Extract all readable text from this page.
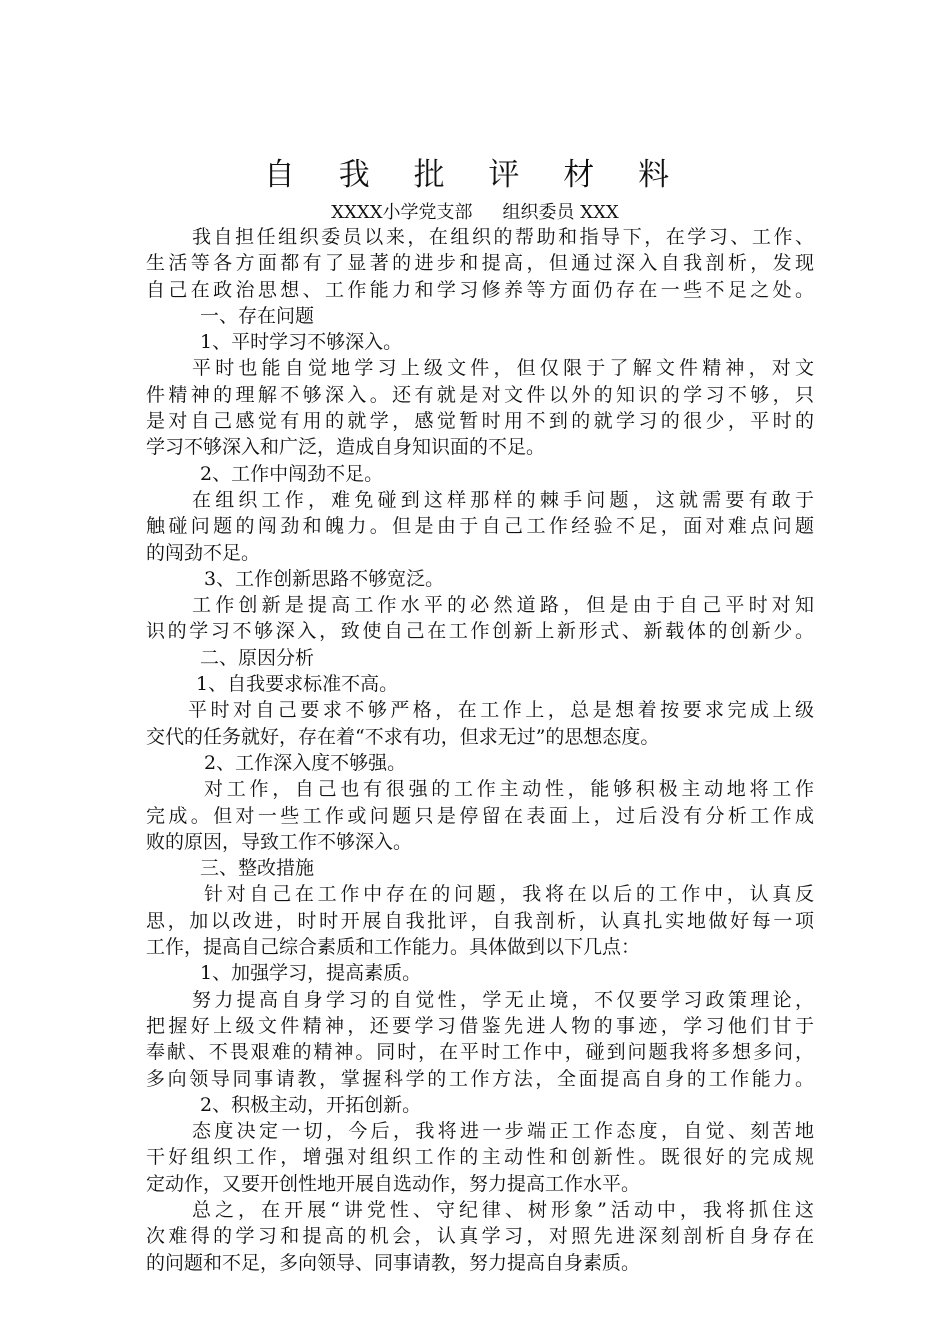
自 我 批 评 材 料
XXXX小学党支部 组织委员 XXX
我自担任组织委员以来，在组织的帮助和指导下，在学习、工作、
生活等各方面都有了显著的进步和提高，但通过深入自我剖析，发现
自己在政治思想、工作能力和学习修养等方面仍存在一些不足之处。
一、存在问题
1、平时学习不够深入。
平时也能自觉地学习上级文件，但仅限于了解文件精神，对文
件精神的理解不够深入。还有就是对文件以外的知识的学习不够，只
是对自己感觉有用的就学，感觉暂时用不到的就学习的很少，平时的
学习不够深入和广泛，造成自身知识面的不足。
2、工作中闯劲不足。
在组织工作，难免碰到这样那样的棘手问题，这就需要有敢于
触碰问题的闯劲和魄力。但是由于自己工作经验不足，面对难点问题
的闯劲不足。
3、工作创新思路不够宽泛。
工作创新是提高工作水平的必然道路，但是由于自己平时对知
识的学习不够深入，致使自己在工作创新上新形式、新载体的创新少。
二、原因分析
1、自我要求标准不高。
平时对自己要求不够严格，在工作上，总是想着按要求完成上级
交代的任务就好，存在着“不求有功，但求无过”的思想态度。
2、工作深入度不够强。
对工作，自己也有很强的工作主动性，能够积极主动地将工作
完成。但对一些工作或问题只是停留在表面上，过后没有分析工作成
败的原因，导致工作不够深入。
三、整改措施
针对自己在工作中存在的问题，我将在以后的工作中，认真反
思，加以改进，时时开展自我批评，自我剖析，认真扎实地做好每一项
工作，提高自己综合素质和工作能力。具体做到以下几点：
1、加强学习，提高素质。
努力提高自身学习的自觉性，学无止境，不仅要学习政策理论，
把握好上级文件精神，还要学习借鉴先进人物的事迹，学习他们甘于
奉献、不畏艰难的精神。同时，在平时工作中，碰到问题我将多想多问，
多向领导同事请教，掌握科学的工作方法，全面提高自身的工作能力。
2、积极主动，开拓创新。
态度决定一切，今后，我将进一步端正工作态度，自觉、刻苦地
干好组织工作，增强对组织工作的主动性和创新性。既很好的完成规
定动作，又要开创性地开展自选动作，努力提高工作水平。
总之，在开展“讲党性、守纪律、树形象”活动中，我将抓住这
次难得的学习和提高的机会，认真学习，对照先进深刻剖析自身存在
的问题和不足，多向领导、同事请教，努力提高自身素质。
